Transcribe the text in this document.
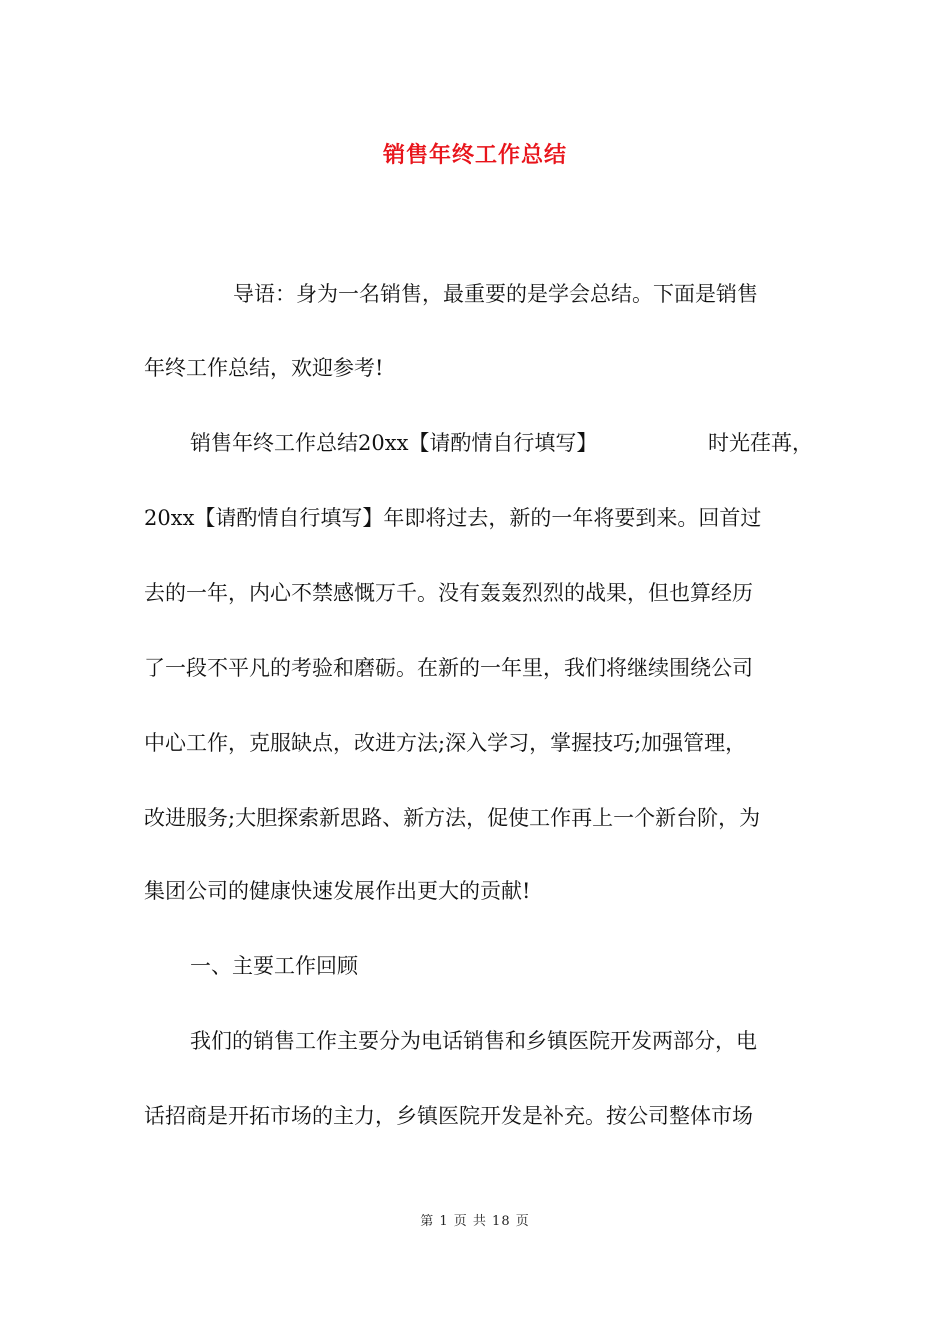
销售年终工作总结
导语：身为一名销售，最重要的是学会总结。下面是销售
年终工作总结，欢迎参考!
销售年终工作总结20xx【请酌情自行填写】	时光荏苒，
20xx【请酌情自行填写】年即将过去，新的一年将要到来。回首过
去的一年，内心不禁感慨万千。没有轰轰烈烈的战果，但也算经历
了一段不平凡的考验和磨砺。在新的一年里，我们将继续围绕公司
中心工作，克服缺点，改进方法;深入学习，掌握技巧;加强管理，
改进服务;大胆探索新思路、新方法，促使工作再上一个新台阶，为
集团公司的健康快速发展作出更大的贡献!
一、主要工作回顾
我们的销售工作主要分为电话销售和乡镇医院开发两部分，电
话招商是开拓市场的主力，乡镇医院开发是补充。按公司整体市场
第 1 页 共 18 页
